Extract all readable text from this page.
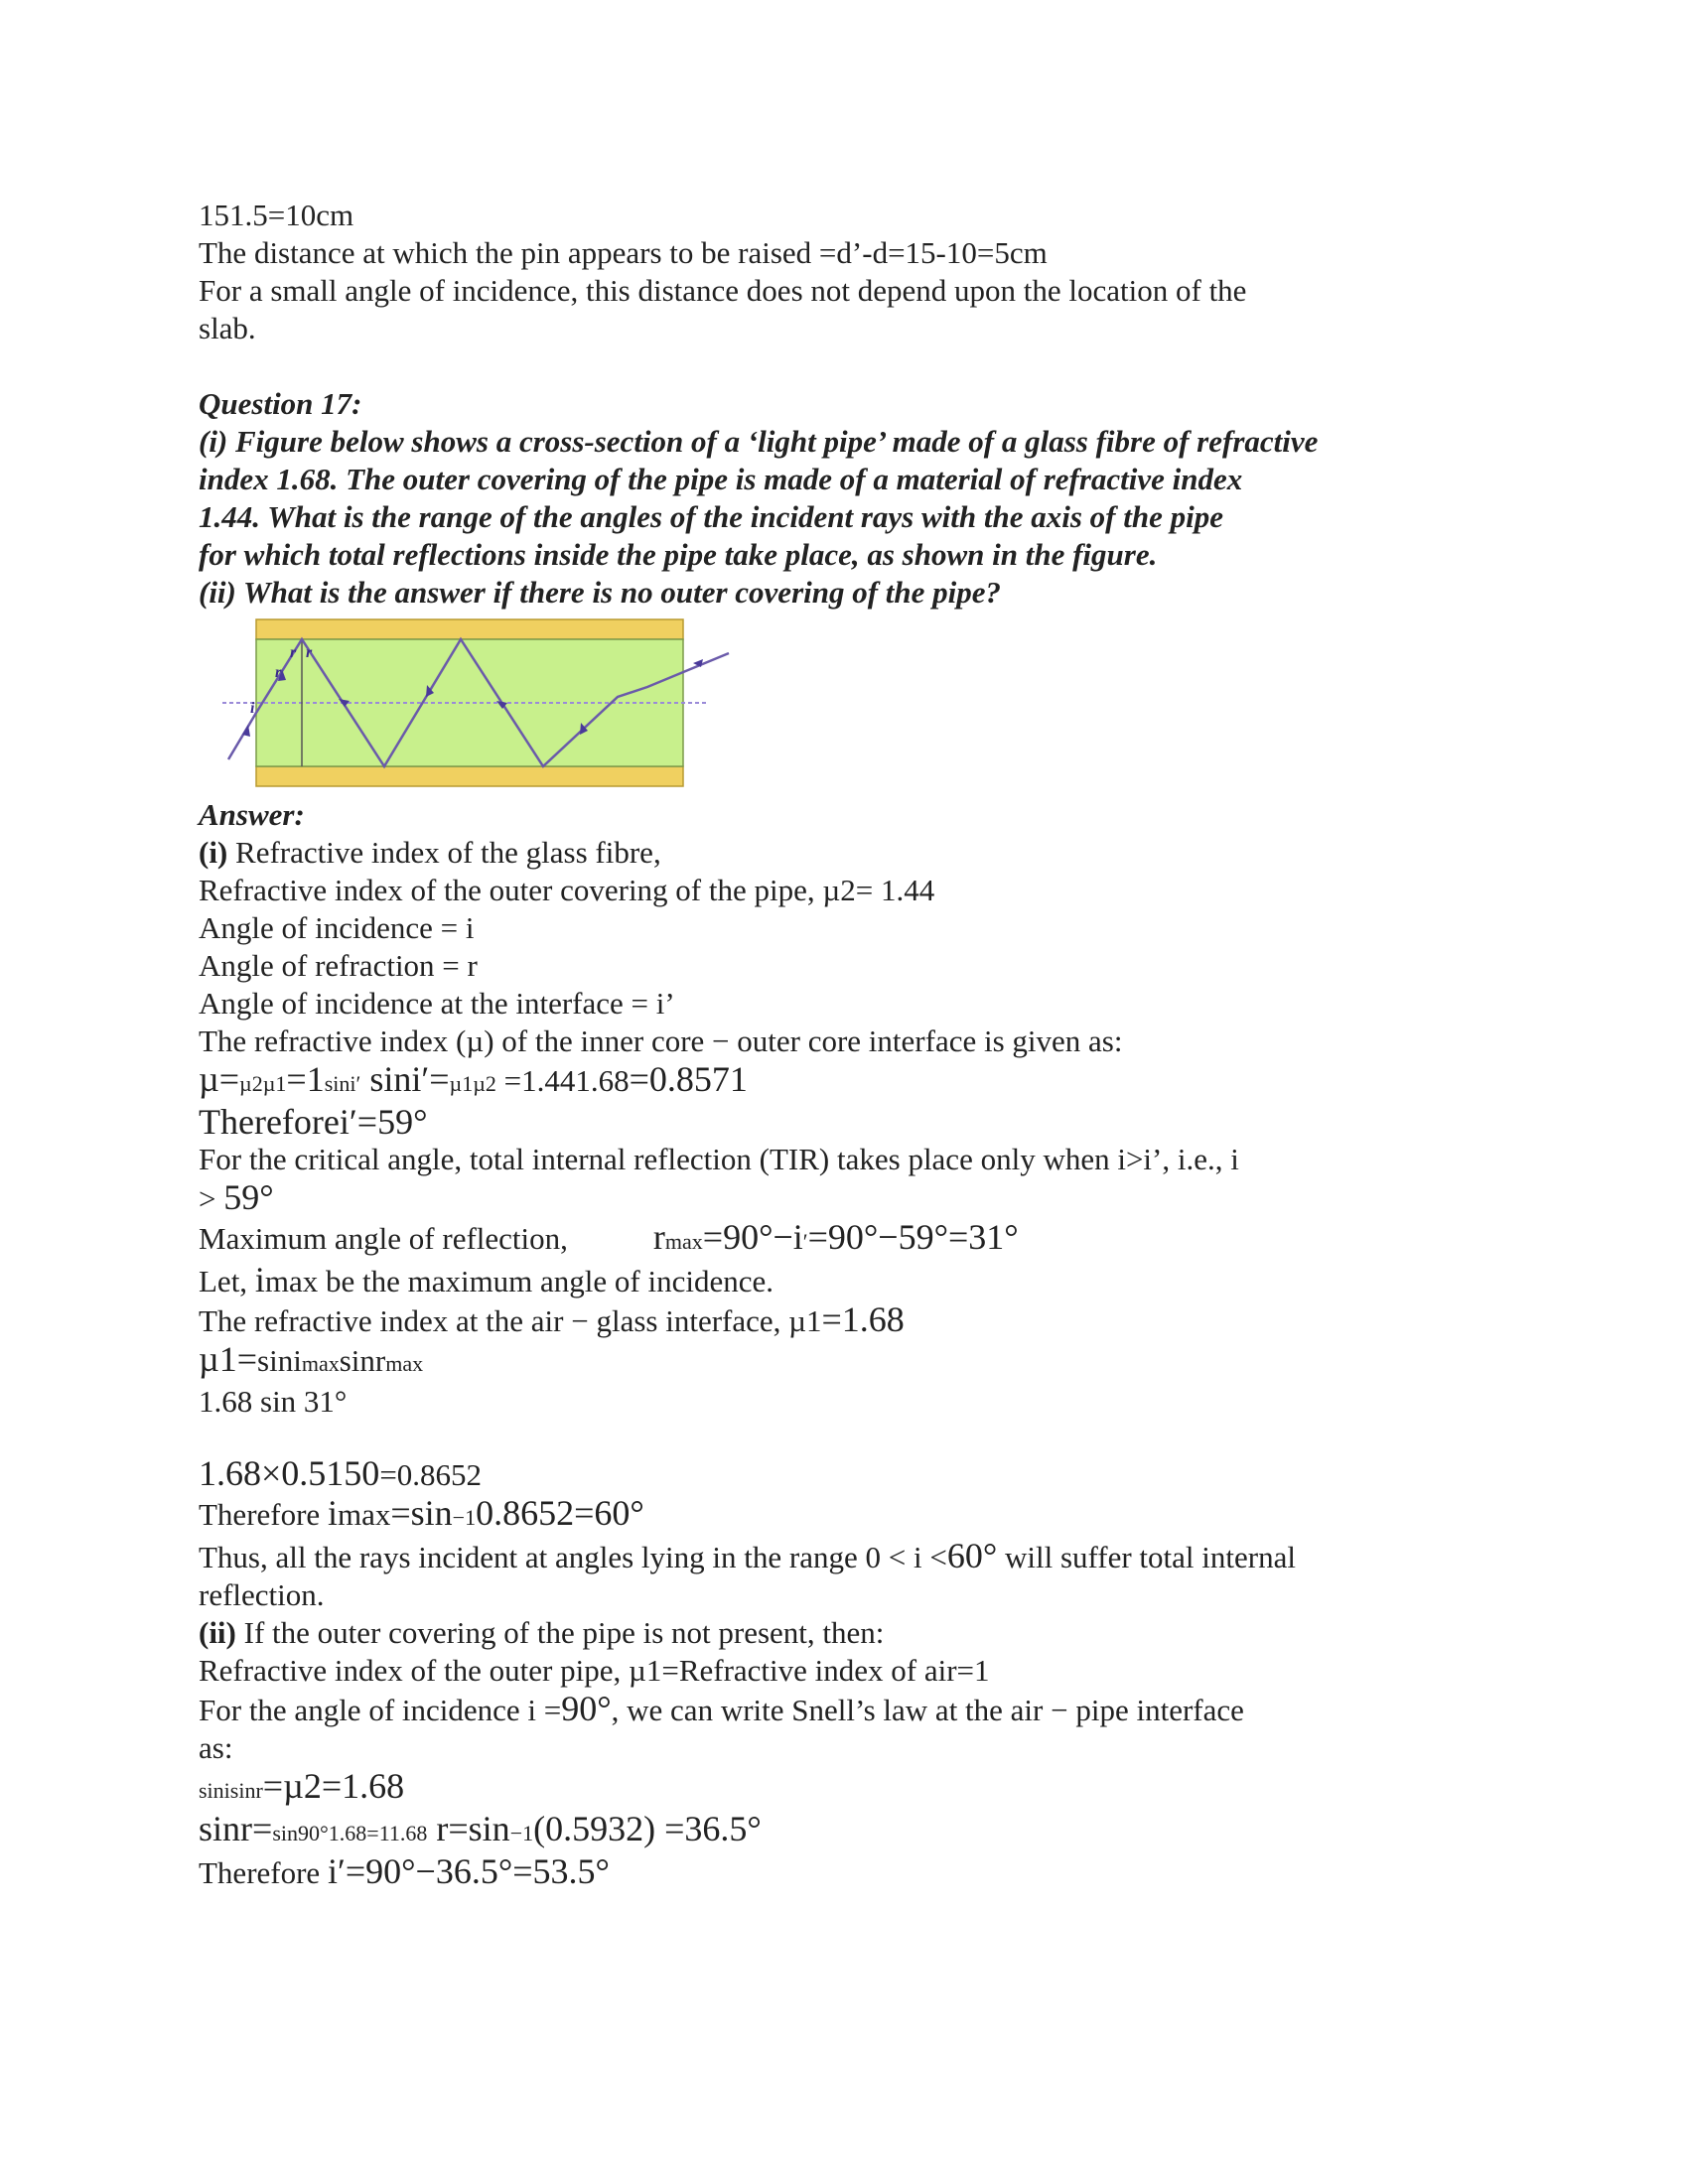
151.5=10cm
The distance at which the pin appears to be raised =d’-d=15-10=5cm
For a small angle of incidence, this distance does not depend upon the location of the
slab.
Question 17:
(i) Figure below shows a cross-section of a ‘light pipe’ made of a glass fibre of refractive
index 1.68. The outer covering of the pipe is made of a material of refractive index
1.44. What is the range of the angles of the incident rays with the axis of the pipe
for which total reflections inside the pipe take place, as shown in the figure.
(ii) What is the answer if there is no outer covering of the pipe?
i
r
r r
Answer:
(i) Refractive index of the glass fibre,
Refractive index of the outer covering of the pipe, µ2= 1.44
Angle of incidence = i
Angle of refraction = r
Angle of incidence at the interface = i’
The refractive index (µ) of the inner core − outer core interface is given as:
µ=µ2µ1=1sini′ sini′=µ1µ2 =1.441.68=0.8571
Thereforei′=59°
For the critical angle, total internal reflection (TIR) takes place only when i>i’, i.e., i
> 59°
Maximum angle of reflection, rmax=90°−i′=90°−59°=31°
Let, imax be the maximum angle of incidence.
The refractive index at the air − glass interface, µ1=1.68
µ1=sinimaxsinrmax
1.68 sin 31°
1.68×0.5150=0.8652
Therefore imax=sin−10.8652=60°
Thus, all the rays incident at angles lying in the range 0 < i <60° will suffer total internal
reflection.
(ii) If the outer covering of the pipe is not present, then:
Refractive index of the outer pipe, µ1=Refractive index of air=1
For the angle of incidence i =90°, we can write Snell’s law at the air − pipe interface
as:
sinisinr=µ2=1.68
sinr=sin90°1.68=11.68 r=sin−1(0.5932) =36.5°
Therefore i′=90°−36.5°=53.5°
